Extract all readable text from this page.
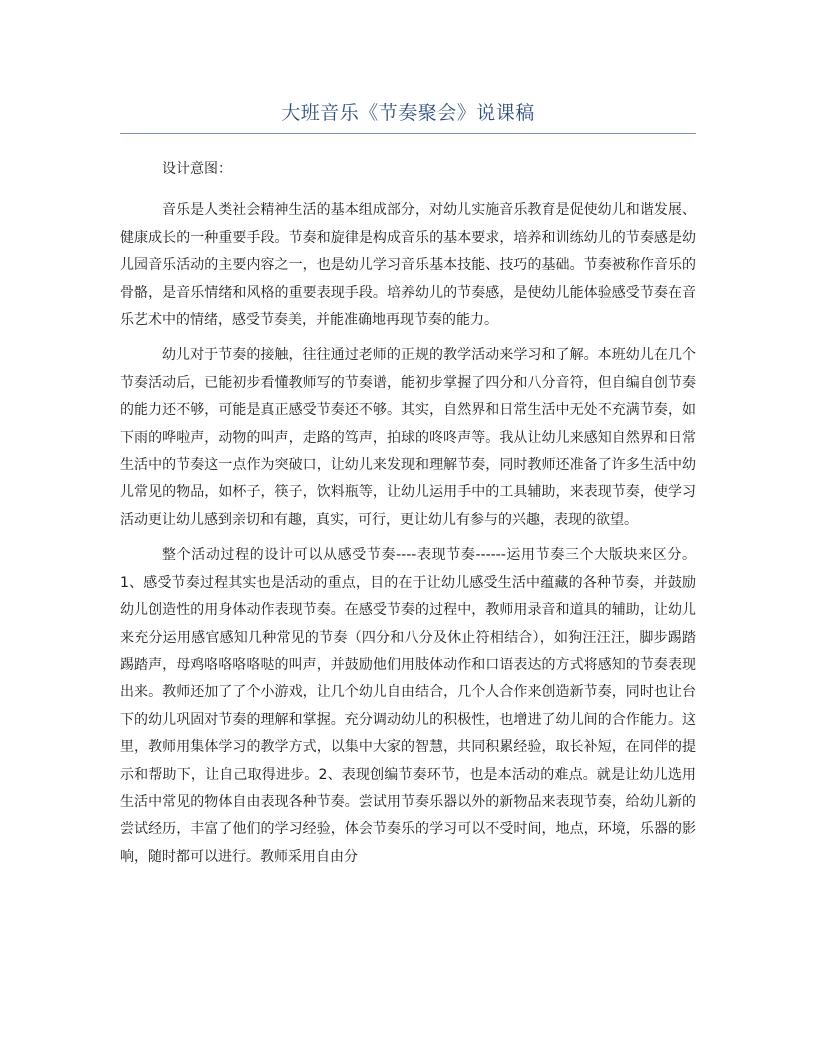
大班音乐《节奏聚会》说课稿

设计意图：

音乐是人类社会精神生活的基本组成部分，对幼儿实施音乐教育是促使幼儿和谐发展、健康成长的一种重要手段。节奏和旋律是构成音乐的基本要求，培养和训练幼儿的节奏感是幼儿园音乐活动的主要内容之一，也是幼儿学习音乐基本技能、技巧的基础。节奏被称作音乐的骨骼，是音乐情绪和风格的重要表现手段。培养幼儿的节奏感，是使幼儿能体验感受节奏在音乐艺术中的情绪，感受节奏美，并能准确地再现节奏的能力。

幼儿对于节奏的接触，往往通过老师的正规的教学活动来学习和了解。本班幼儿在几个节奏活动后，已能初步看懂教师写的节奏谱，能初步掌握了四分和八分音符，但自编自创节奏的能力还不够，可能是真正感受节奏还不够。其实，自然界和日常生活中无处不充满节奏，如下雨的哗啦声，动物的叫声，走路的笃声，拍球的咚咚声等。我从让幼儿来感知自然界和日常生活中的节奏这一点作为突破口，让幼儿来发现和理解节奏，同时教师还准备了许多生活中幼儿常见的物品，如杯子，筷子，饮料瓶等，让幼儿运用手中的工具辅助，来表现节奏，使学习活动更让幼儿感到亲切和有趣，真实，可行，更让幼儿有参与的兴趣，表现的欲望。

整个活动过程的设计可以从感受节奏----表现节奏------运用节奏三个大版块来区分。1、感受节奏过程其实也是活动的重点，目的在于让幼儿感受生活中蕴藏的各种节奏，并鼓励幼儿创造性的用身体动作表现节奏。在感受节奏的过程中，教师用录音和道具的辅助，让幼儿来充分运用感官感知几种常见的节奏（四分和八分及休止符相结合），如狗汪汪汪，脚步踢踏踢踏声，母鸡咯咯咯咯哒的叫声，并鼓励他们用肢体动作和口语表达的方式将感知的节奏表现出来。教师还加了了个小游戏，让几个幼儿自由结合，几个人合作来创造新节奏，同时也让台下的幼儿巩固对节奏的理解和掌握。充分调动幼儿的积极性，也增进了幼儿间的合作能力。这里，教师用集体学习的教学方式，以集中大家的智慧，共同积累经验，取长补短，在同伴的提示和帮助下，让自己取得进步。2、表现创编节奏环节，也是本活动的难点。就是让幼儿选用生活中常见的物体自由表现各种节奏。尝试用节奏乐器以外的新物品来表现节奏，给幼儿新的尝试经历，丰富了他们的学习经验，体会节奏乐的学习可以不受时间，地点，环境，乐器的影响，随时都可以进行。教师采用自由分
